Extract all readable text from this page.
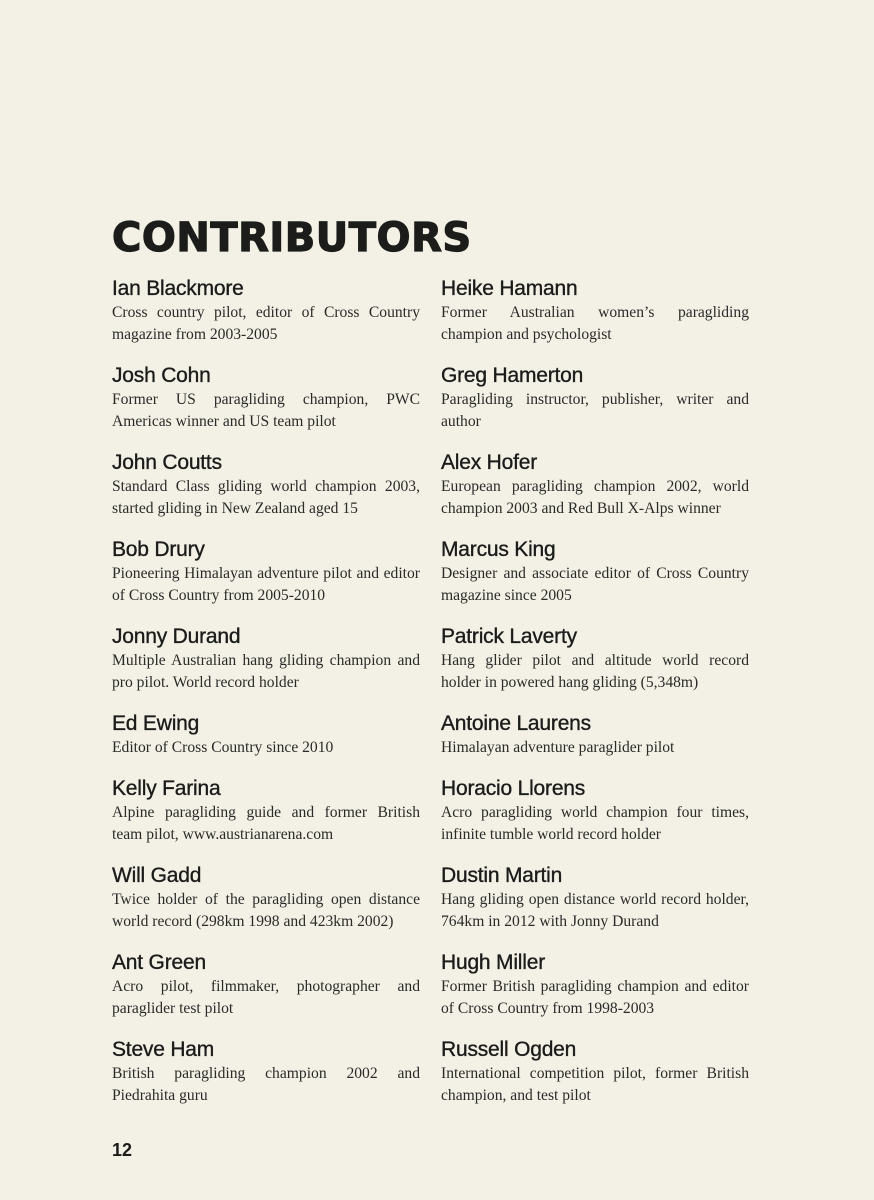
CONTRIBUTORS
Ian Blackmore
Cross country pilot, editor of Cross Country magazine from 2003-2005
Josh Cohn
Former US paragliding champion, PWC Americas winner and US team pilot
John Coutts
Standard Class gliding world champion 2003, started gliding in New Zealand aged 15
Bob Drury
Pioneering Himalayan adventure pilot and editor of Cross Country from 2005-2010
Jonny Durand
Multiple Australian hang gliding champion and pro pilot. World record holder
Ed Ewing
Editor of Cross Country since 2010
Kelly Farina
Alpine paragliding guide and former British team pilot, www.austrianarena.com
Will Gadd
Twice holder of the paragliding open distance world record (298km 1998 and 423km 2002)
Ant Green
Acro pilot, filmmaker, photographer and paraglider test pilot
Steve Ham
British paragliding champion 2002 and Piedrahita guru
Heike Hamann
Former Australian women’s paragliding champion and psychologist
Greg Hamerton
Paragliding instructor, publisher, writer and author
Alex Hofer
European paragliding champion 2002, world champion 2003 and Red Bull X-Alps winner
Marcus King
Designer and associate editor of Cross Country magazine since 2005
Patrick Laverty
Hang glider pilot and altitude world record holder in powered hang gliding (5,348m)
Antoine Laurens
Himalayan adventure paraglider pilot
Horacio Llorens
Acro paragliding world champion four times, infinite tumble world record holder
Dustin Martin
Hang gliding open distance world record holder, 764km in 2012 with Jonny Durand
Hugh Miller
Former British paragliding champion and editor of Cross Country from 1998-2003
Russell Ogden
International competition pilot, former British champion, and test pilot
12
